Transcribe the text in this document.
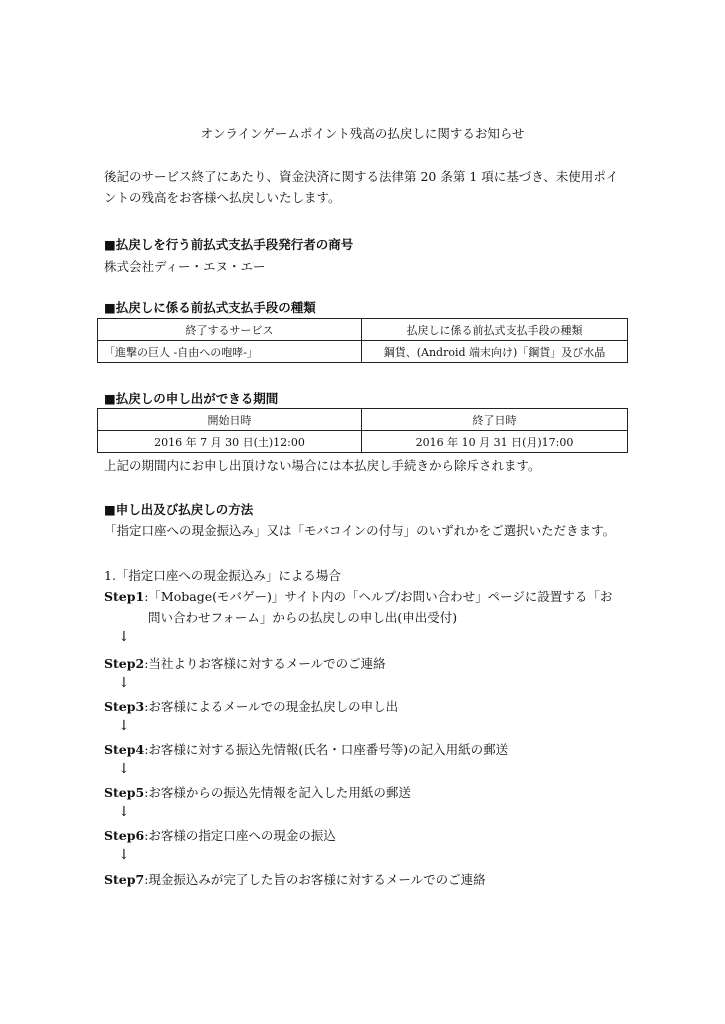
オンラインゲームポイント残高の払戻しに関するお知らせ
後記のサービス終了にあたり、資金決済に関する法律第 20 条第 1 項に基づき、未使用ポイ
ントの残高をお客様へ払戻しいたします。
■払戻しを行う前払式支払手段発行者の商号
株式会社ディー・エヌ・エー
■払戻しに係る前払式支払手段の種類
終了するサービス	払戻しに係る前払式支払手段の種類
「進撃の巨人 -自由への咆哮-」	鋼貨、(Android 端末向け)「鋼貨」及び水晶
■払戻しの申し出ができる期間
開始日時	終了日時
2016 年 7 月 30 日(土)12:00	2016 年 10 月 31 日(月)17:00
上記の期間内にお申し出頂けない場合には本払戻し手続きから除斥されます。
■申し出及び払戻しの方法
「指定口座への現金振込み」又は「モバコインの付与」のいずれかをご選択いただきます。
1.「指定口座への現金振込み」による場合
Step1:「Mobage(モバゲー)」サイト内の「ヘルプ/お問い合わせ」ページに設置する「お
問い合わせフォーム」からの払戻しの申し出(申出受付)
↓
Step2:当社よりお客様に対するメールでのご連絡
↓
Step3:お客様によるメールでの現金払戻しの申し出
↓
Step4:お客様に対する振込先情報(氏名・口座番号等)の記入用紙の郵送
↓
Step5:お客様からの振込先情報を記入した用紙の郵送
↓
Step6:お客様の指定口座への現金の振込
↓
Step7:現金振込みが完了した旨のお客様に対するメールでのご連絡
